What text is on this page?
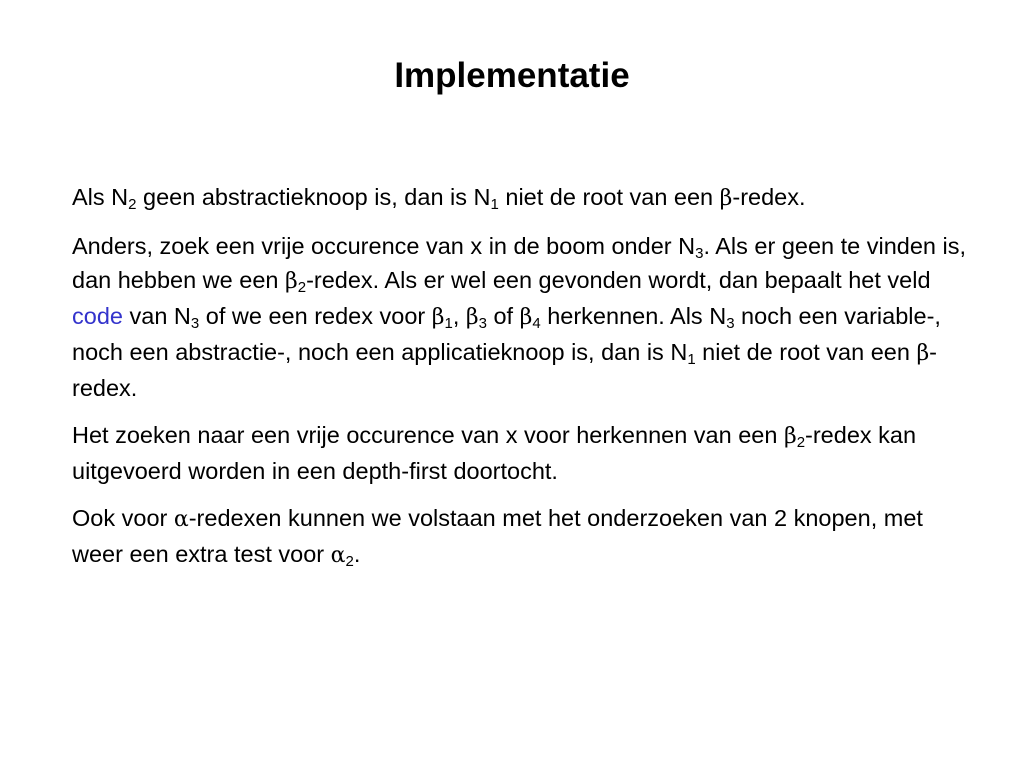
Implementatie

Als $N_2$ geen abstractieknoop is, dan is $N_1$ niet de root van een β-redex.

Anders, zoek een vrije occurence van x in de boom onder $N_3$. Als er geen te vinden is, dan hebben we een $\beta_2$-redex. Als er wel een gevonden wordt, dan bepaalt het veld code van $N_3$ of we een redex voor $\beta_1$, $\beta_3$ of $\beta_4$ herkennen. Als $N_3$ noch een variable-, noch een abstractie-, noch een applicatieknoop is, dan is $N_1$ niet de root van een β-redex.

Het zoeken naar een vrije occurence van x voor herkennen van een $\beta_2$-redex kan uitgevoerd worden in een depth-first doortocht.

Ook voor α-redexen kunnen we volstaan met het onderzoeken van 2 knopen, met weer een extra test voor $\alpha_2$.
